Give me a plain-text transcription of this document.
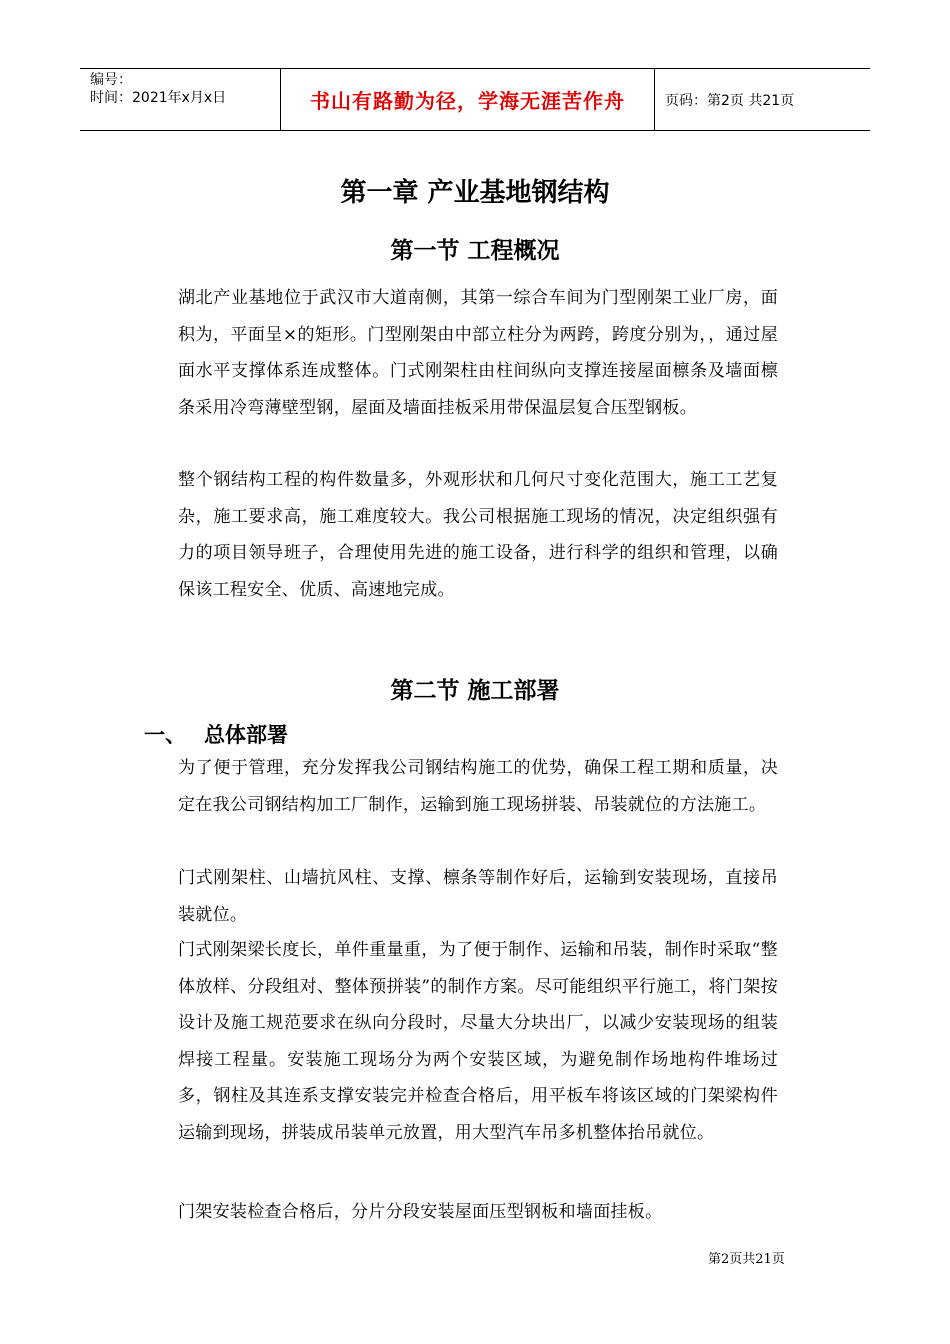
编号：
时间：2021年x月x日	书山有路勤为径，学海无涯苦作舟	页码：第2页 共21页
第一章 产业基地钢结构
第一节 工程概况
湖北产业基地位于武汉市大道南侧，其第一综合车间为门型刚架工业厂房，面积为，平面呈×的矩形。门型刚架由中部立柱分为两跨，跨度分别为，，通过屋面水平支撑体系连成整体。门式刚架柱由柱间纵向支撑连接屋面檩条及墙面檩条采用冷弯薄壁型钢，屋面及墙面挂板采用带保温层复合压型钢板。
整个钢结构工程的构件数量多，外观形状和几何尺寸变化范围大，施工工艺复杂，施工要求高，施工难度较大。我公司根据施工现场的情况，决定组织强有力的项目领导班子，合理使用先进的施工设备，进行科学的组织和管理，以确保该工程安全、优质、高速地完成。
第二节 施工部署
一、 总体部署
为了便于管理，充分发挥我公司钢结构施工的优势，确保工程工期和质量，决定在我公司钢结构加工厂制作，运输到施工现场拼装、吊装就位的方法施工。
门式刚架柱、山墙抗风柱、支撑、檩条等制作好后，运输到安装现场，直接吊装就位。
门式刚架梁长度长，单件重量重，为了便于制作、运输和吊装，制作时采取“整体放样、分段组对、整体预拼装”的制作方案。尽可能组织平行施工，将门架按设计及施工规范要求在纵向分段时，尽量大分块出厂，以减少安装现场的组装焊接工程量。安装施工现场分为两个安装区域，为避免制作场地构件堆场过多，钢柱及其连系支撑安装完并检查合格后，用平板车将该区域的门架梁构件运输到现场，拼装成吊装单元放置，用大型汽车吊多机整体抬吊就位。
门架安装检查合格后，分片分段安装屋面压型钢板和墙面挂板。
第2页共21页
